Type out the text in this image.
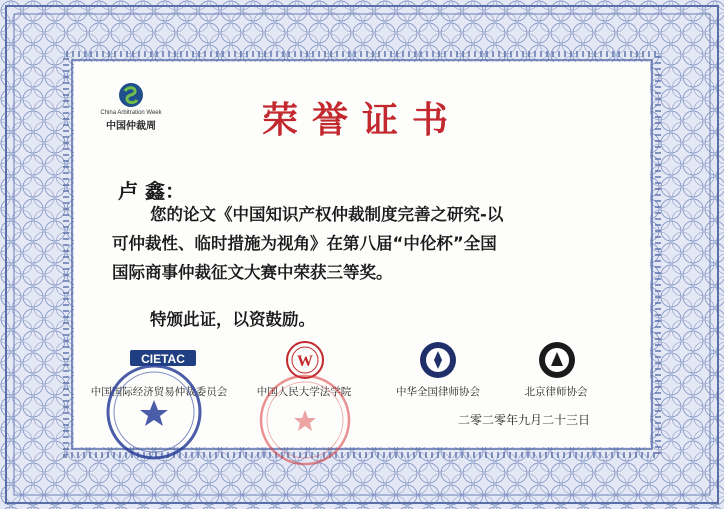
China Arbitration Week
中国仲裁周	荣誉证书
卢 鑫：

您的论文《中国知识产权仲裁制度完善之研究-以

可仲裁性、临时措施为视角》在第八届“中伦杯”全国

国际商事仲裁征文大赛中荣获三等奖。

特颁此证，以资鼓励。
CIETAC
中国国际经济贸易仲裁委员会
W
中国人民大学法学院	中华全国律师协会	北京律师协会
二零二零年九月二十三日
